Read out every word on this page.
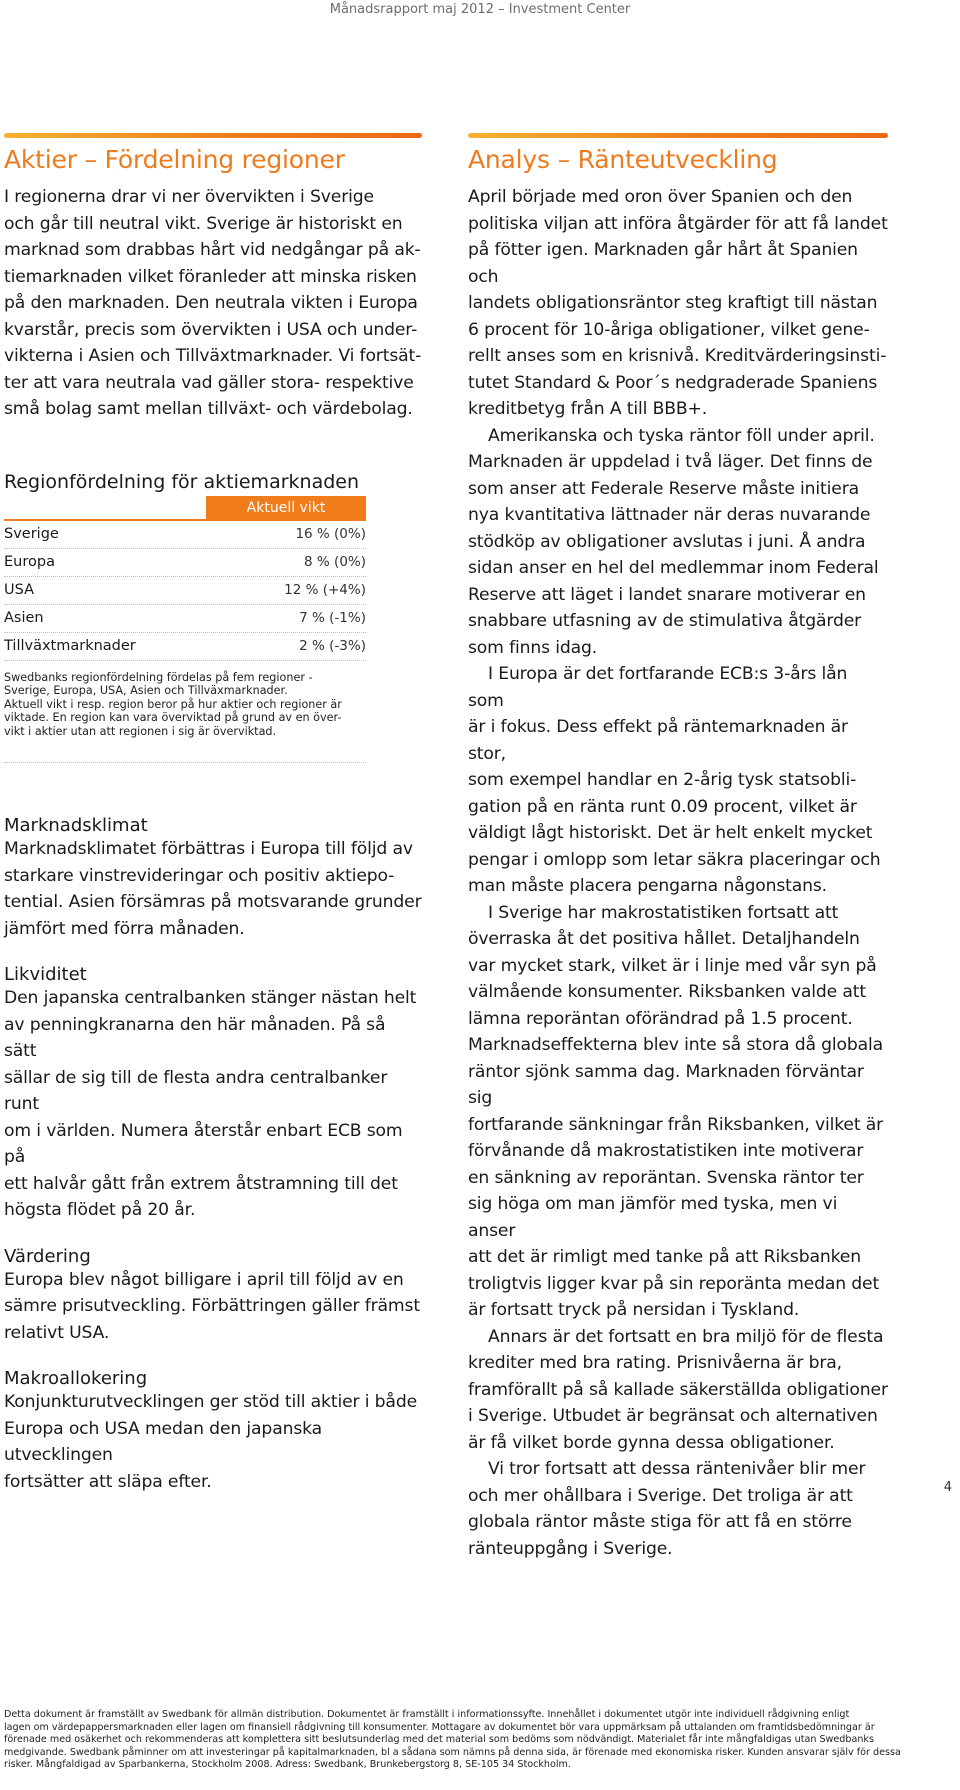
Månadsrapport maj 2012 – Investment Center
Aktier – Fördelning regioner

I regionerna drar vi ner övervikten i Sverige
och går till neutral vikt. Sverige är historiskt en
marknad som drabbas hårt vid nedgångar på ak-
tiemarknaden vilket föranleder att minska risken
på den marknaden. Den neutrala vikten i Europa
kvarstår, precis som övervikten i USA och under-
vikterna i Asien och Tillväxtmarknader. Vi fortsät-
ter att vara neutrala vad gäller stora- respektive
små bolag samt mellan tillväxt- och värdebolag.

Regionfördelning för aktiemarknaden
Aktuell vikt
Sverige	16 % (0%)
Europa	8 % (0%)
USA	12 % (+4%)
Asien	7 % (-1%)
Tillväxtmarknader	2 % (-3%)
Swedbanks regionfördelning fördelas på fem regioner -
Sverige, Europa, USA, Asien och Tillväxmarknader.
Aktuell vikt i resp. region beror på hur aktier och regioner är
viktade. En region kan vara överviktad på grund av en över-
vikt i aktier utan att regionen i sig är överviktad.
Marknadsklimat

Marknadsklimatet förbättras i Europa till följd av
starkare vinstrevideringar och positiv aktiepo-
tential. Asien försämras på motsvarande grunder
jämfört med förra månaden.

Likviditet

Den japanska centralbanken stänger nästan helt
av penningkranarna den här månaden. På så sätt
sällar de sig till de flesta andra centralbanker runt
om i världen. Numera återstår enbart ECB som på
ett halvår gått från extrem åtstramning till det
högsta flödet på 20 år.

Värdering

Europa blev något billigare i april till följd av en
sämre prisutveckling. Förbättringen gäller främst
relativt USA.

Makroallokering

Konjunkturutvecklingen ger stöd till aktier i både
Europa och USA medan den japanska utvecklingen
fortsätter att släpa efter.

Analys – Ränteutveckling

April började med oron över Spanien och den
politiska viljan att införa åtgärder för att få landet
på fötter igen. Marknaden går hårt åt Spanien och
landets obligationsräntor steg kraftigt till nästan
6 procent för 10-åriga obligationer, vilket gene-
rellt anses som en krisnivå. Kreditvärderingsinsti-
tutet Standard & Poor´s nedgraderade Spaniens
kreditbetyg från A till BBB+.

Amerikanska och tyska räntor föll under april.
Marknaden är uppdelad i två läger. Det finns de
som anser att Federale Reserve måste initiera
nya kvantitativa lättnader när deras nuvarande
stödköp av obligationer avslutas i juni. Å andra
sidan anser en hel del medlemmar inom Federal
Reserve att läget i landet snarare motiverar en
snabbare utfasning av de stimulativa åtgärder
som finns idag.

I Europa är det fortfarande ECB:s 3-års lån som
är i fokus. Dess effekt på räntemarknaden är stor,
som exempel handlar en 2-årig tysk statsobli-
gation på en ränta runt 0.09 procent, vilket är
väldigt lågt historiskt. Det är helt enkelt mycket
pengar i omlopp som letar säkra placeringar och
man måste placera pengarna någonstans.

I Sverige har makrostatistiken fortsatt att
överraska åt det positiva hållet. Detaljhandeln
var mycket stark, vilket är i linje med vår syn på
välmående konsumenter. Riksbanken valde att
lämna reporäntan oförändrad på 1.5 procent.
Marknadseffekterna blev inte så stora då globala
räntor sjönk samma dag. Marknaden förväntar sig
fortfarande sänkningar från Riksbanken, vilket är
förvånande då makrostatistiken inte motiverar
en sänkning av reporäntan. Svenska räntor ter
sig höga om man jämför med tyska, men vi anser
att det är rimligt med tanke på att Riksbanken
troligtvis ligger kvar på sin reporänta medan det
är fortsatt tryck på nersidan i Tyskland.

Annars är det fortsatt en bra miljö för de flesta
krediter med bra rating. Prisnivåerna är bra,
framförallt på så kallade säkerställda obligationer
i Sverige. Utbudet är begränsat och alternativen
är få vilket borde gynna dessa obligationer.

Vi tror fortsatt att dessa räntenivåer blir mer
och mer ohållbara i Sverige. Det troliga är att
globala räntor måste stiga för att få en större
ränteuppgång i Sverige.

4
Detta dokument är framställt av Swedbank för allmän distribution. Dokumentet är framställt i informationssyfte. Innehållet i dokumentet utgör inte individuell rådgivning enligt
lagen om värdepappersmarknaden eller lagen om finansiell rådgivning till konsumenter. Mottagare av dokumentet bör vara uppmärksam på uttalanden om framtidsbedömningar är
förenade med osäkerhet och rekommenderas att komplettera sitt beslutsunderlag med det material som bedöms som nödvändigt. Materialet får inte mångfaldigas utan Swedbanks
medgivande. Swedbank påminner om att investeringar på kapitalmarknaden, bl a sådana som nämns på denna sida, är förenade med ekonomiska risker. Kunden ansvarar själv för dessa
risker. Mångfaldigad av Sparbankerna, Stockholm 2008. Adress: Swedbank, Brunkebergstorg 8, SE-105 34 Stockholm.
